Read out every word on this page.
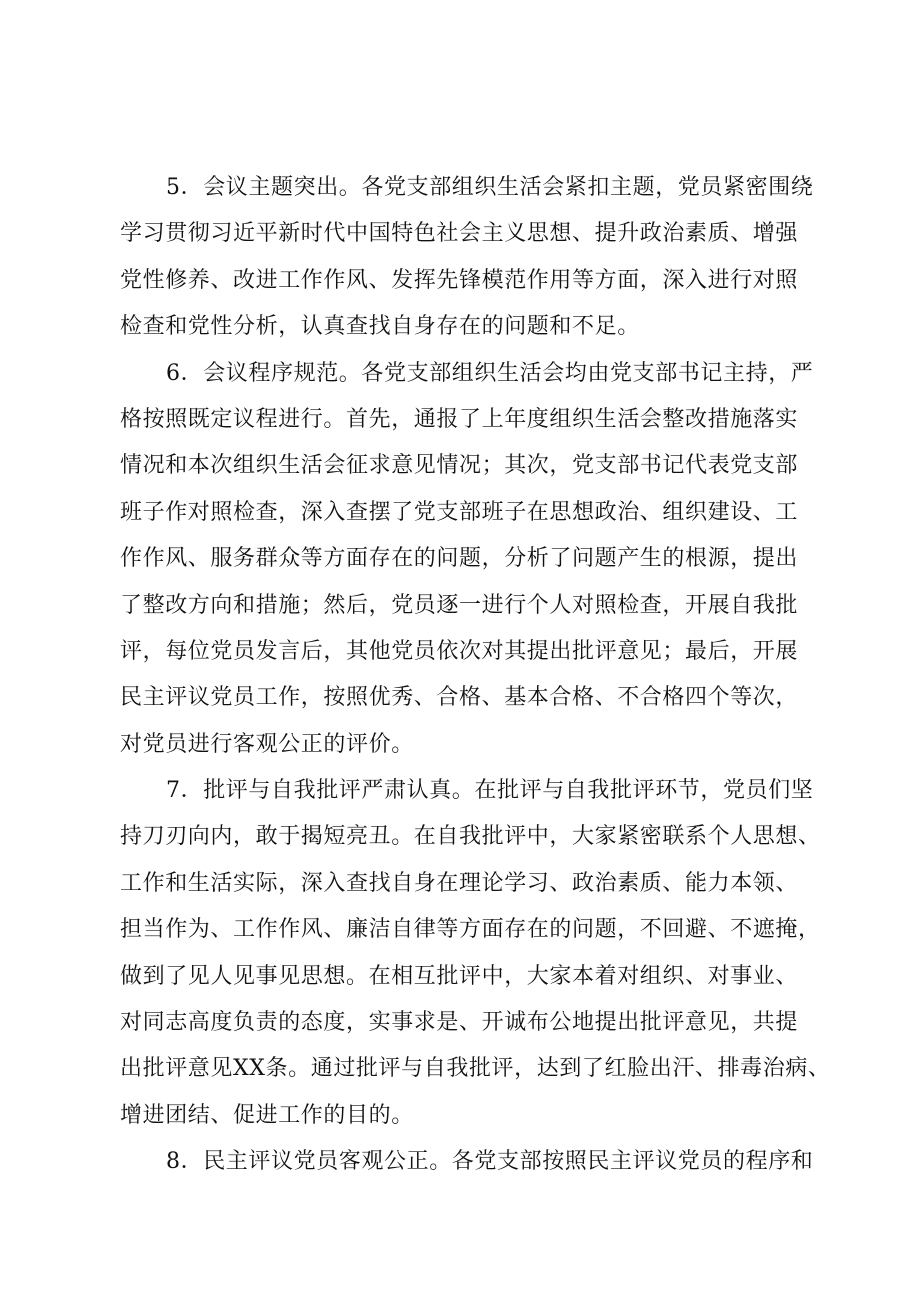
5．会议主题突出。各党支部组织生活会紧扣主题，党员紧密围绕
学习贯彻习近平新时代中国特色社会主义思想、提升政治素质、增强
党性修养、改进工作作风、发挥先锋模范作用等方面，深入进行对照
检查和党性分析，认真查找自身存在的问题和不足。
6．会议程序规范。各党支部组织生活会均由党支部书记主持，严
格按照既定议程进行。首先，通报了上年度组织生活会整改措施落实
情况和本次组织生活会征求意见情况；其次，党支部书记代表党支部
班子作对照检查，深入查摆了党支部班子在思想政治、组织建设、工
作作风、服务群众等方面存在的问题，分析了问题产生的根源，提出
了整改方向和措施；然后，党员逐一进行个人对照检查，开展自我批
评，每位党员发言后，其他党员依次对其提出批评意见；最后，开展
民主评议党员工作，按照优秀、合格、基本合格、不合格四个等次，
对党员进行客观公正的评价。
7．批评与自我批评严肃认真。在批评与自我批评环节，党员们坚
持刀刃向内，敢于揭短亮丑。在自我批评中，大家紧密联系个人思想、
工作和生活实际，深入查找自身在理论学习、政治素质、能力本领、
担当作为、工作作风、廉洁自律等方面存在的问题，不回避、不遮掩，
做到了见人见事见思想。在相互批评中，大家本着对组织、对事业、
对同志高度负责的态度，实事求是、开诚布公地提出批评意见，共提
出批评意见XX条。通过批评与自我批评，达到了红脸出汗、排毒治病、
增进团结、促进工作的目的。
8．民主评议党员客观公正。各党支部按照民主评议党员的程序和
